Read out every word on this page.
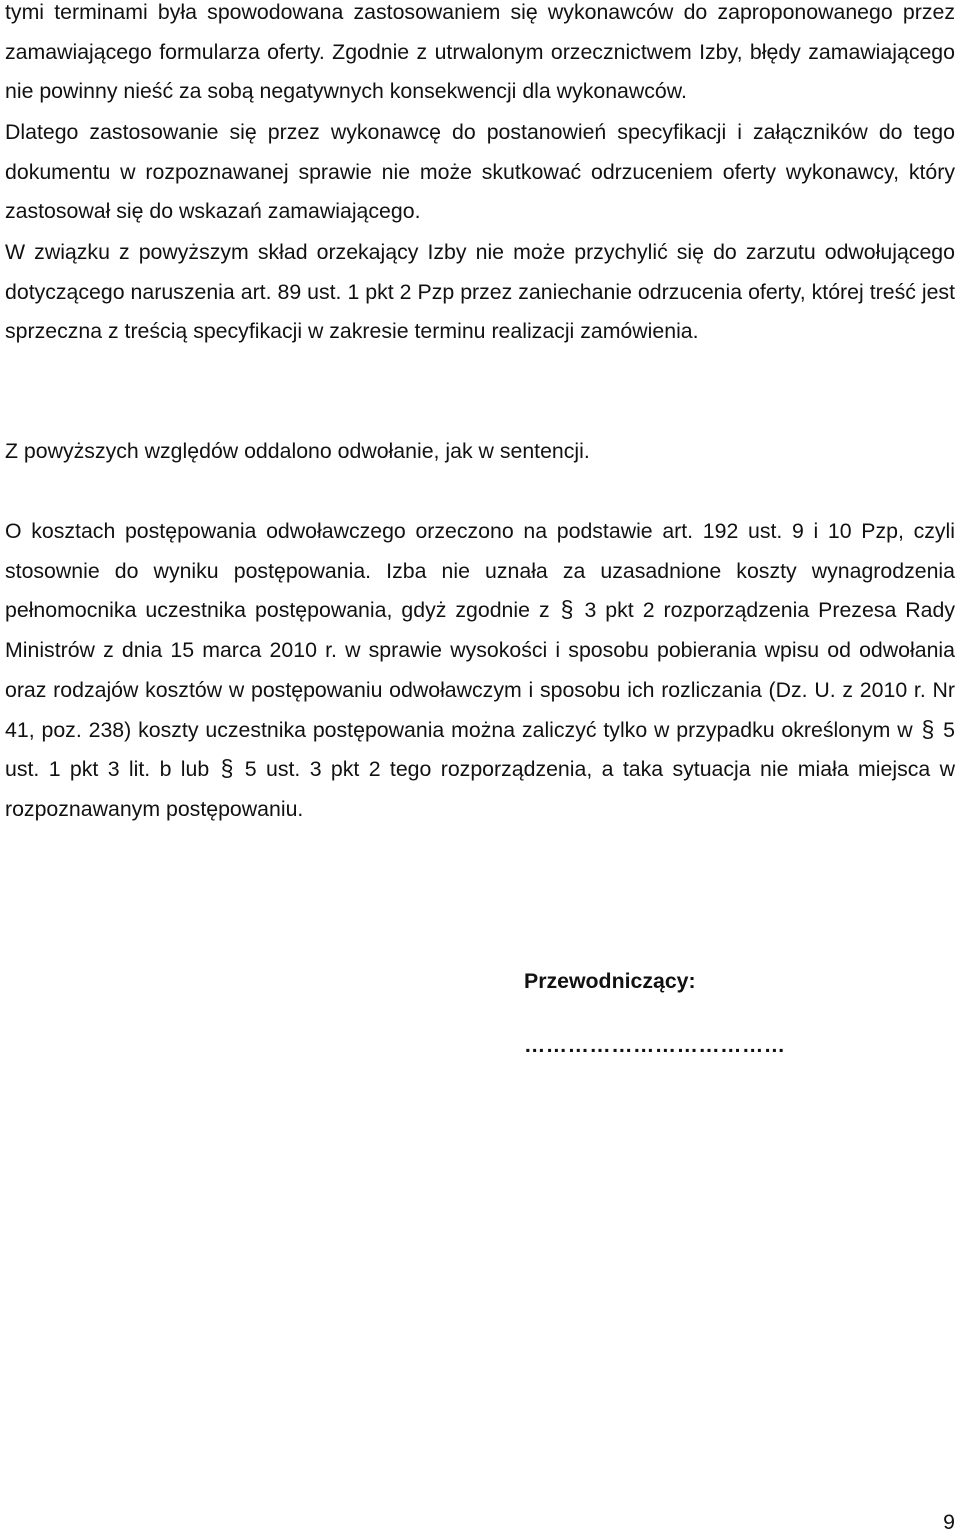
tymi terminami była spowodowana zastosowaniem się wykonawców do zaproponowanego przez zamawiającego formularza oferty. Zgodnie z utrwalonym orzecznictwem Izby, błędy zamawiającego nie powinny nieść za sobą negatywnych konsekwencji dla wykonawców.

Dlatego zastosowanie się przez wykonawcę do postanowień specyfikacji i załączników do tego dokumentu w rozpoznawanej sprawie nie może skutkować odrzuceniem oferty wykonawcy, który zastosował się do wskazań zamawiającego.

W związku z powyższym skład orzekający Izby nie może przychylić się do zarzutu odwołującego dotyczącego naruszenia art. 89 ust. 1 pkt 2 Pzp przez zaniechanie odrzucenia oferty, której treść jest sprzeczna z treścią specyfikacji w zakresie terminu realizacji zamówienia.

Z powyższych względów oddalono odwołanie, jak w sentencji.

O kosztach postępowania odwoławczego orzeczono na podstawie art. 192 ust. 9 i 10 Pzp, czyli stosownie do wyniku postępowania. Izba nie uznała za uzasadnione koszty wynagrodzenia pełnomocnika uczestnika postępowania, gdyż zgodnie z § 3 pkt 2 rozporządzenia Prezesa Rady Ministrów z dnia 15 marca 2010 r. w sprawie wysokości i sposobu pobierania wpisu od odwołania oraz rodzajów kosztów w postępowaniu odwoławczym i sposobu ich rozliczania (Dz. U. z 2010 r. Nr 41, poz. 238) koszty uczestnika postępowania można zaliczyć tylko w przypadku określonym w § 5 ust. 1 pkt 3 lit. b lub § 5 ust. 3 pkt 2 tego rozporządzenia, a taka sytuacja nie miała miejsca w rozpoznawanym postępowaniu.

Przewodniczący:

………………………………

9
